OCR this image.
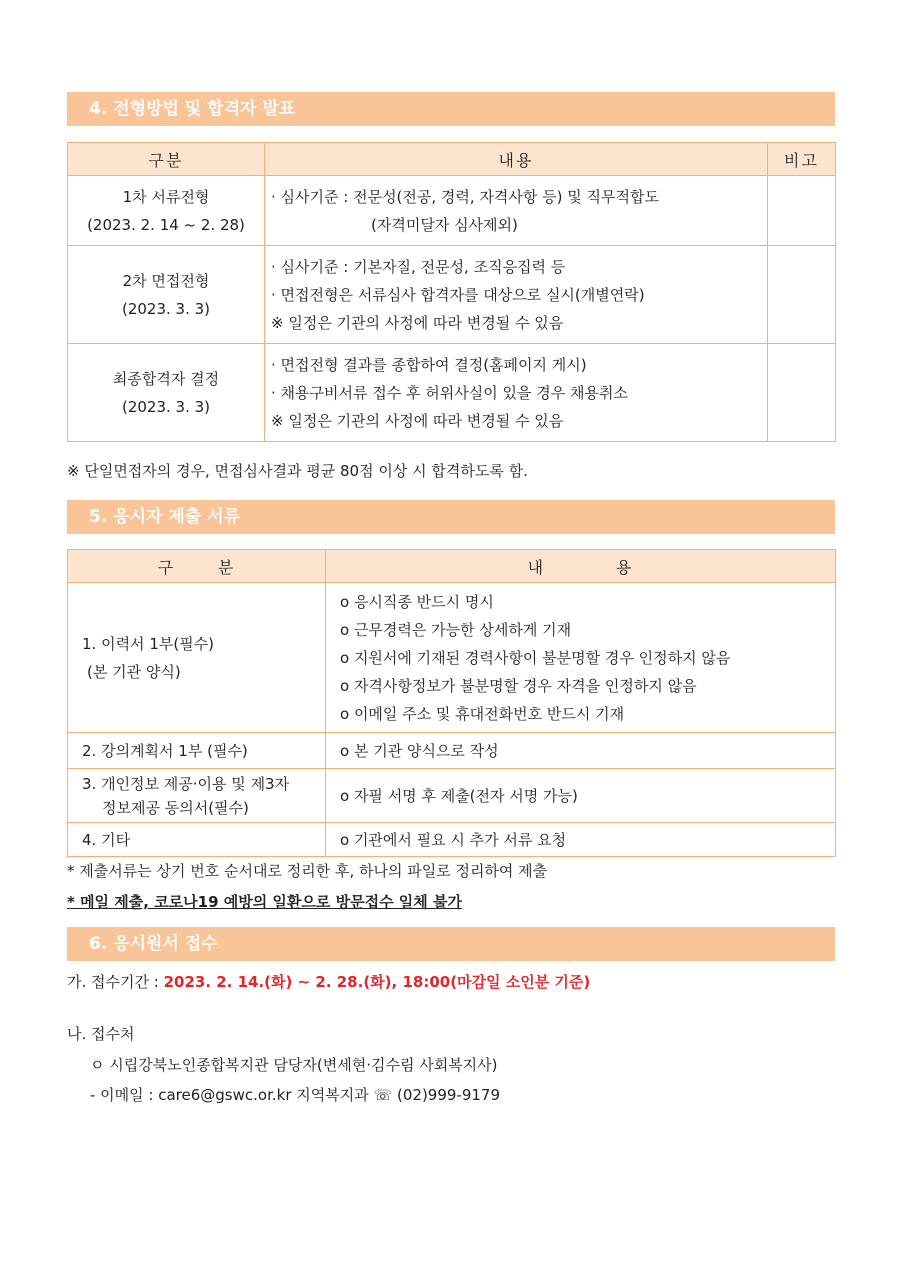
4. 전형방법 및 합격자 발표
구분	내용	비고

1차 서류전형
(2023. 2. 14 ~ 2. 28)	· 심사기준 : 전문성(전공, 경력, 자격사항 등) 및 직무적합도
(자격미달자 심사제외)	

2차 면접전형
(2023. 3. 3)	· 심사기준 : 기본자질, 전문성, 조직응집력 등
· 면접전형은 서류심사 합격자를 대상으로 실시(개별연락)
※ 일정은 기관의 사정에 따라 변경될 수 있음	

최종합격자 결정
(2023. 3. 3)	· 면접전형 결과를 종합하여 결정(홈페이지 게시)
· 채용구비서류 접수 후 허위사실이 있을 경우 채용취소
※ 일정은 기관의 사정에 따라 변경될 수 있음	

※ 단일면접자의 경우, 면접심사결과 평균 80점 이상 시 합격하도록 함.
5. 응시자 제출 서류
구      분	내          용

1. 이력서 1부(필수)
(본 기관 양식)	o 응시직종 반드시 명시
o 근무경력은 가능한 상세하게 기재
o 지원서에 기재된 경력사항이 불분명할 경우 인정하지 않음
o 자격사항정보가 불분명할 경우 자격을 인정하지 않음
o 이메일 주소 및 휴대전화번호 반드시 기재

2. 강의계획서 1부 (필수)	o 본 기관 양식으로 작성

3. 개인정보 제공·이용 및 제3자
정보제공 동의서(필수)	o 자필 서명 후 제출(전자 서명 가능)

4. 기타	o 기관에서 필요 시 추가 서류 요청
* 제출서류는 상기 번호 순서대로 정리한 후, 하나의 파일로 정리하여 제출
* 메일 제출, 코로나19 예방의 일환으로 방문접수 일체 불가
6. 응시원서 접수
가. 접수기간 : 2023. 2. 14.(화) ~ 2. 28.(화), 18:00(마감일 소인분 기준)
나. 접수처
ㅇ 시립강북노인종합복지관 담당자(변세현·김수림 사회복지사)
- 이메일 : care6@gswc.or.kr 지역복지과 ☏ (02)999-9179
